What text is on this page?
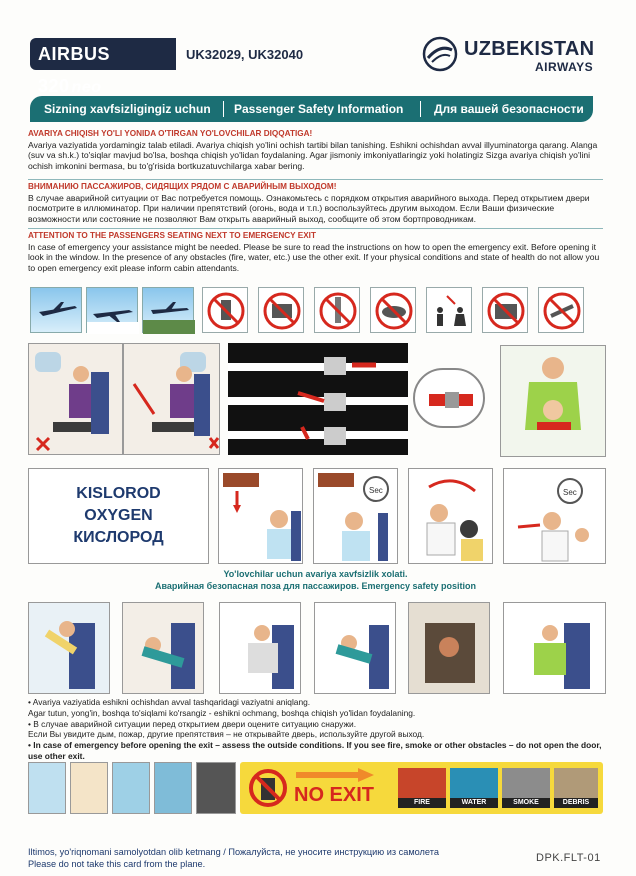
AIRBUS 320 neo
UK32029, UK32040	UZBEKISTAN
AIRWAYS
Sizning xavfsizligingiz uchun Passenger Safety Information	Для вашей безопасности
AVARIYA CHIQISH YO'LI YONIDA O'TIRGAN YO'LOVCHILAR DIQQATIGA!
Avariya vaziyatida yordamingiz talab etiladi. Avariya chiqish yo'lini ochish tartibi bilan tanishing. Eshikni ochishdan avval illyuminatorga qarang. Alanga (suv va sh.k.) to'siqlar mavjud bo'lsa, boshqa chiqish yo'lidan foydalaning. Agar jismoniy imkoniyatlaringiz yoki holatingiz Sizga avariya chiqish yo'lini ochish imkonini bermasa, bu to'g'risida bortkuzatuvchilarga xabar bering.
ВНИМАНИЮ ПАССАЖИРОВ, СИДЯЩИХ РЯДОМ С АВАРИЙНЫМ ВЫХОДОМ!
В случае аварийной ситуации от Вас потребуется помощь. Ознакомьтесь с порядком открытия аварийного выхода. Перед открытием двери посмотрите в иллюминатор. При наличии препятствий (огонь, вода и т.п.) воспользуйтесь другим выходом. Если Ваши физические возможности или состояние не позволяют Вам открыть аварийный выход, сообщите об этом бортпроводникам.
ATTENTION TO THE PASSENGERS SEATING NEXT TO EMERGENCY EXIT
In case of emergency your assistance might be needed. Please be sure to read the instructions on how to open the emergency exit. Before opening it look in the window. In the presence of any obstacles (fire, water, etc.) use the other exit. If your physical conditions and state of health do not allow you to open emergency exit please inform cabin attendants.
KISLOROD
OXYGEN
КИСЛОРОД
Sec	Sec
Yo'lovchilar uchun avariya xavfsizlik xolati.
Аварийная безопасная поза для пассажиров. Emergency safety position
• Avariya vaziyatida eshikni ochishdan avval tashqaridagi vaziyatni aniqlang.
Agar tutun, yong'in, boshqa to'siqlami ko'rsangiz - eshikni ochmang, boshqa chiqish yo'lidan foydalaning.
• В случае аварийной ситуации перед открытием двери оцените ситуацию снаружи.
Если Вы увидите дым, пожар, другие препятствия – не открывайте дверь, используйте другой выход.
• In case of emergency before opening the exit – assess the outside conditions. If you see fire, smoke or other obstacles – do not open the door, use other exit.
NO EXIT	FIRE	WATER	SMOKE	DEBRIS
Iltimos, yo'riqnomani samolyotdan olib ketmang / Пожалуйста, не уносите инструкцию из самолета
Please do not take this card from the plane.	DPK.FLT-01
